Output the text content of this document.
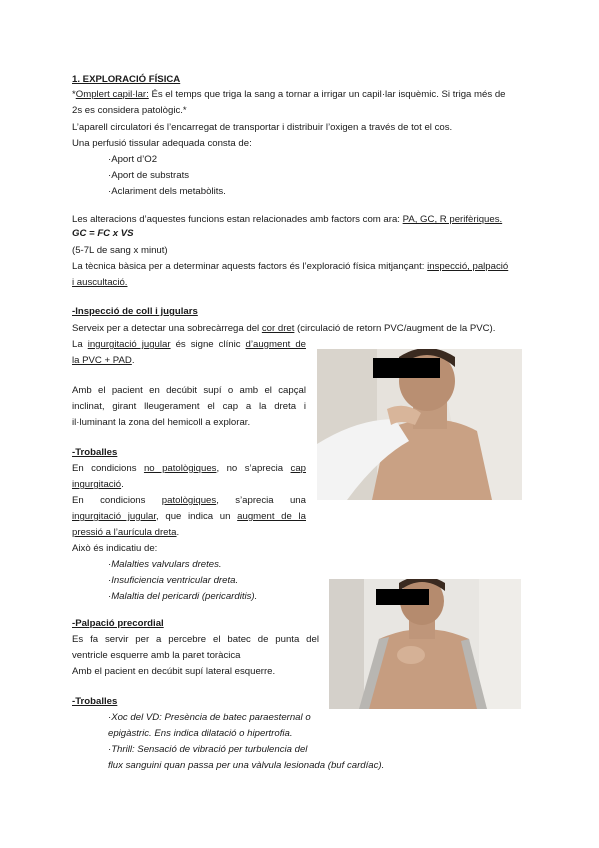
1. EXPLORACIÓ FÍSICA
*Omplert capil·lar: És el temps que triga la sang a tornar a irrigar un capil·lar isquèmic. Si triga més de
2s es considera patològic.*
L’aparell circulatori és l’encarregat de transportar i distribuir l’oxigen a través de tot el cos.
Una perfusió tissular adequada consta de:
·Aport d’O2
·Aport de substrats
·Aclariment dels metabòlits.
Les alteracions d’aquestes funcions estan relacionades amb factors com ara: PA, GC, R perifèriques.
GC = FC x VS
(5-7L de sang x minut)
La tècnica bàsica per a determinar aquests factors és l’exploració física mitjançant: inspecció, palpació
i auscultació.
-Inspecció de coll i jugulars
Serveix per a detectar una sobrecàrrega del cor dret (circulació de retorn PVC/augment de la PVC).
La ingurgitació jugular és signe clínic d’augment de
la PVC + PAD.
Amb el pacient en decúbit supí o amb el capçal
inclinat, girant lleugerament el cap a la dreta i
il·luminant la zona del hemicoll a explorar.
-Troballes
En condicions no patològiques, no s’aprecia cap
ingurgitació.
En condicions patològiques, s’aprecia una
ingurgitació jugular, que indica un augment de la
pressió a l’aurícula dreta.
Això és indicatiu de:
·Malalties valvulars dretes.
·Insuficiencia ventricular dreta.
·Malaltia del pericardi (pericarditis).
-Palpació precordial
Es fa servir per a percebre el batec de punta del
ventricle esquerre amb la paret toràcica
Amb el pacient en decúbit supí lateral esquerre.
-Troballes
·Xoc del VD: Presència de batec paraesternal o
epigàstric. Ens indica dilatació o hipertrofia.
·Thrill: Sensació de vibració per turbulencia del
flux sanguini quan passa per una vàlvula lesionada (buf cardíac).
